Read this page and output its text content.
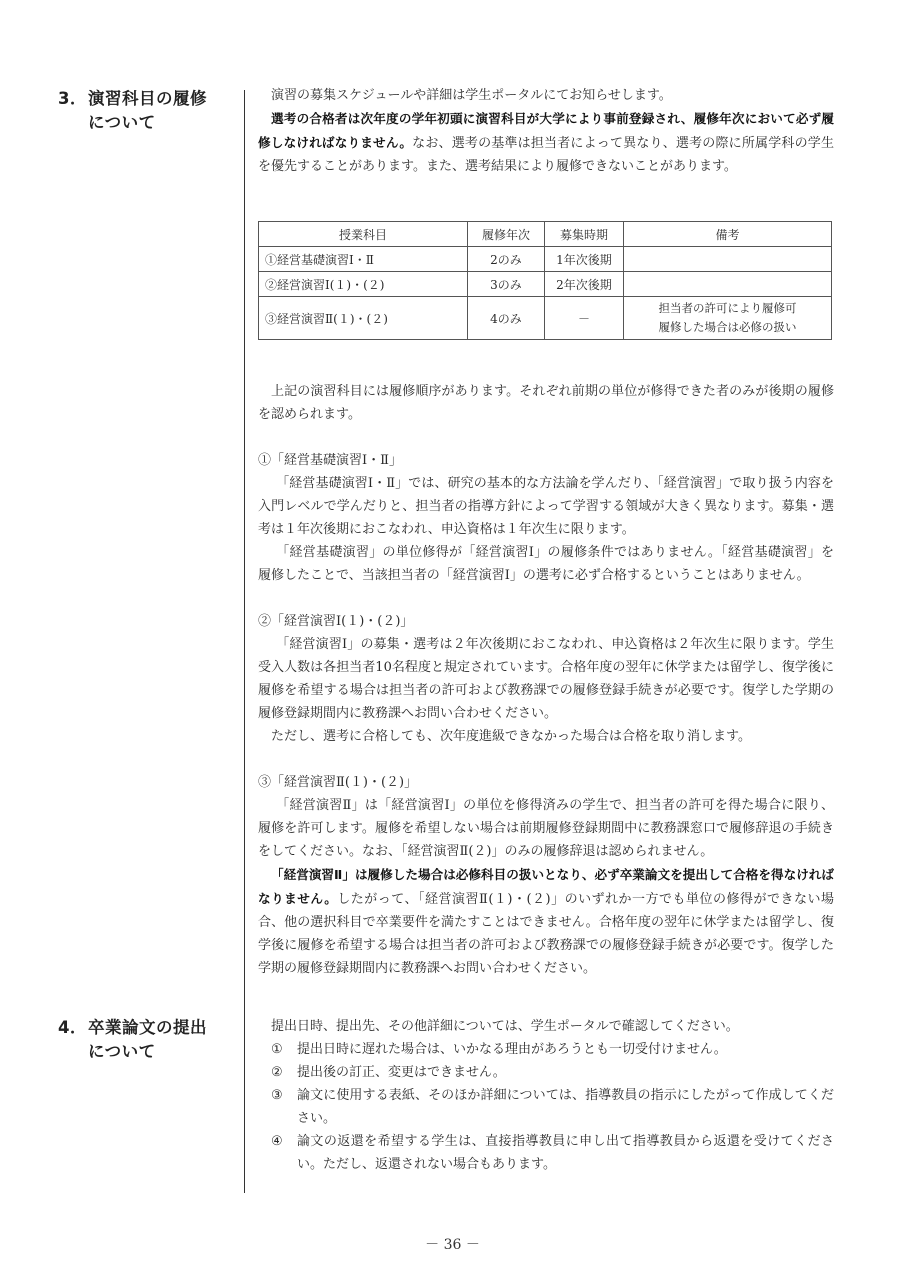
3．演習科目の履修
について

演習の募集スケジュールや詳細は学生ポータルにてお知らせします。

選考の合格者は次年度の学年初頭に演習科目が大学により事前登録され、履修年次において必ず履修しなければなりません。なお、選考の基準は担当者によって異なり、選考の際に所属学科の学生を優先することがあります。また、選考結果により履修できないことがあります。

授業科目	履修年次	募集時期	備考
①経営基礎演習Ⅰ・Ⅱ	2のみ	1年次後期	
②経営演習Ⅰ(１)・(２)	3のみ	2年次後期	
③経営演習Ⅱ(１)・(２)	4のみ	－	担当者の許可により履修可
履修した場合は必修の扱い

上記の演習科目には履修順序があります。それぞれ前期の単位が修得できた者のみが後期の履修を認められます。

①「経営基礎演習Ⅰ・Ⅱ」

「経営基礎演習Ⅰ・Ⅱ」では、研究の基本的な方法論を学んだり、「経営演習」で取り扱う内容を入門レベルで学んだりと、担当者の指導方針によって学習する領域が大きく異なります。募集・選考は１年次後期におこなわれ、申込資格は１年次生に限ります。

「経営基礎演習」の単位修得が「経営演習Ⅰ」の履修条件ではありません。「経営基礎演習」を履修したことで、当該担当者の「経営演習Ⅰ」の選考に必ず合格するということはありません。

②「経営演習Ⅰ(１)・(２)」

「経営演習Ⅰ」の募集・選考は２年次後期におこなわれ、申込資格は２年次生に限ります。学生受入人数は各担当者10名程度と規定されています。合格年度の翌年に休学または留学し、復学後に履修を希望する場合は担当者の許可および教務課での履修登録手続きが必要です。復学した学期の履修登録期間内に教務課へお問い合わせください。

ただし、選考に合格しても、次年度進級できなかった場合は合格を取り消します。

③「経営演習Ⅱ(１)・(２)」

「経営演習Ⅱ」は「経営演習Ⅰ」の単位を修得済みの学生で、担当者の許可を得た場合に限り、履修を許可します。履修を希望しない場合は前期履修登録期間中に教務課窓口で履修辞退の手続きをしてください。なお、「経営演習Ⅱ(２)」のみの履修辞退は認められません。

「経営演習Ⅱ」は履修した場合は必修科目の扱いとなり、必ず卒業論文を提出して合格を得なければなりません。したがって、「経営演習Ⅱ(１)・(２)」のいずれか一方でも単位の修得ができない場合、他の選択科目で卒業要件を満たすことはできません。合格年度の翌年に休学または留学し、復学後に履修を希望する場合は担当者の許可および教務課での履修登録手続きが必要です。復学した学期の履修登録期間内に教務課へお問い合わせください。

4．卒業論文の提出
について

提出日時、提出先、その他詳細については、学生ポータルで確認してください。

①	提出日時に遅れた場合は、いかなる理由があろうとも一切受付けません。
②	提出後の訂正、変更はできません。
③	論文に使用する表紙、そのほか詳細については、指導教員の指示にしたがって作成してください。
④	論文の返還を希望する学生は、直接指導教員に申し出て指導教員から返還を受けてください。ただし、返還されない場合もあります。
－ 36 －
